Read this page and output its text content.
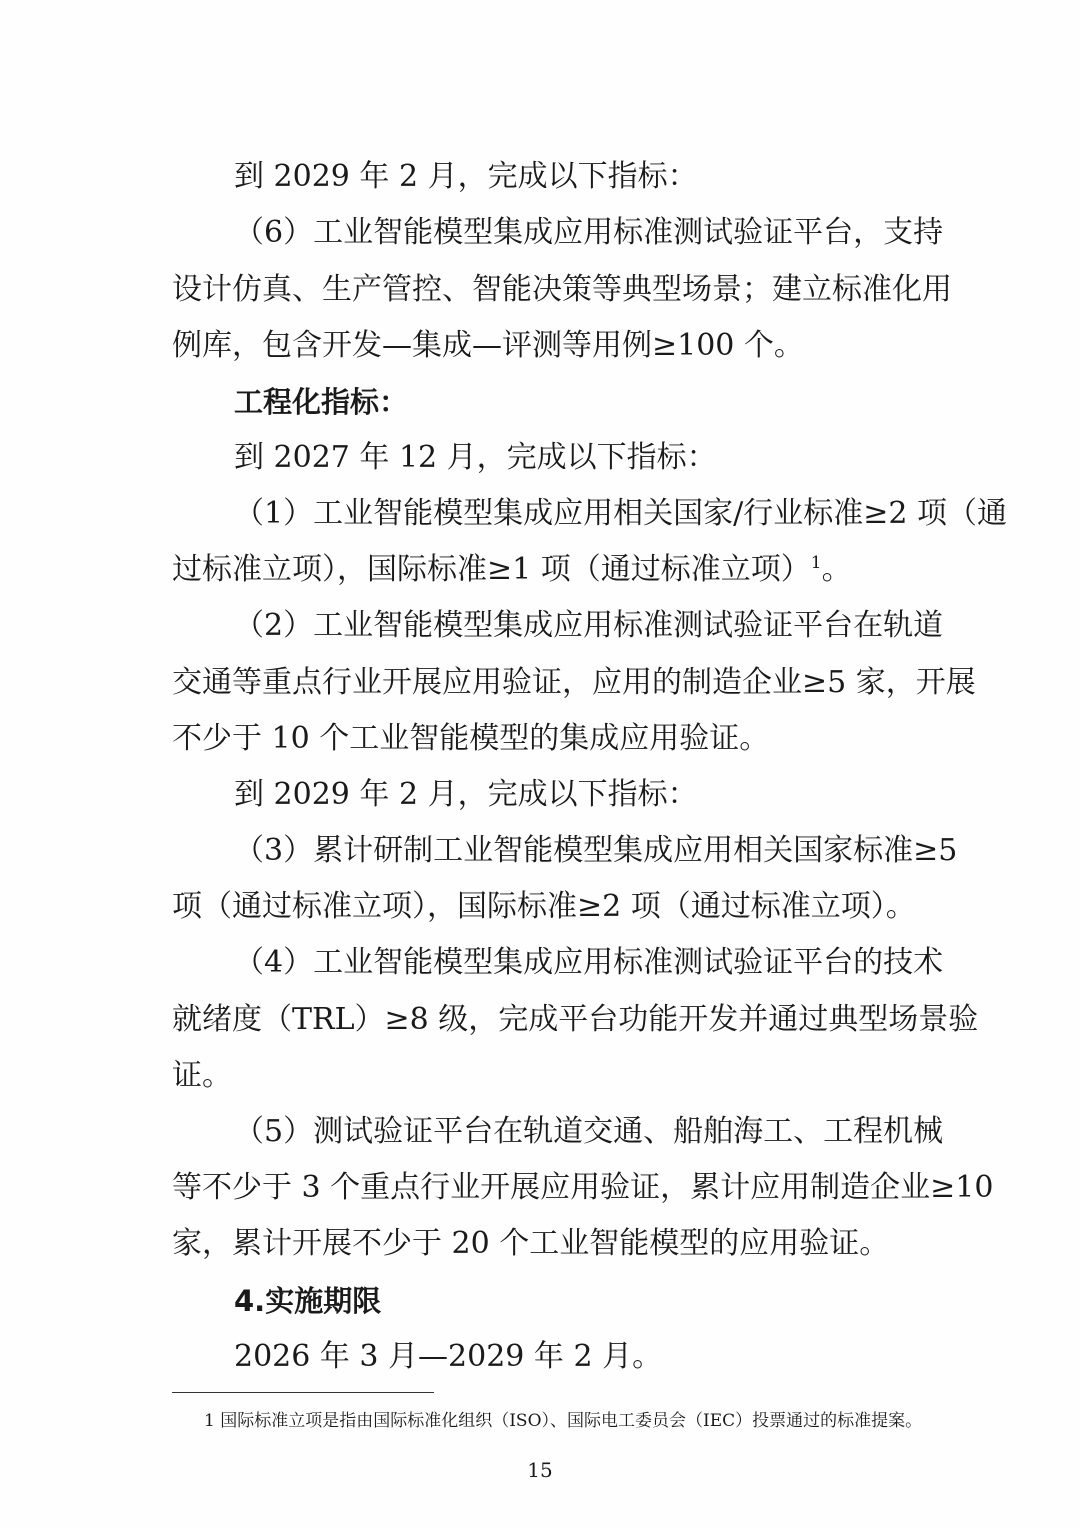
到 2029 年 2 月，完成以下指标：
（6）工业智能模型集成应用标准测试验证平台，支持
设计仿真、生产管控、智能决策等典型场景；建立标准化用
例库，包含开发—集成—评测等用例≥100 个。
工程化指标：
到 2027 年 12 月，完成以下指标：
（1）工业智能模型集成应用相关国家/行业标准≥2 项（通
过标准立项），国际标准≥1 项（通过标准立项）$^1$。
（2）工业智能模型集成应用标准测试验证平台在轨道
交通等重点行业开展应用验证，应用的制造企业≥5 家，开展
不少于 10 个工业智能模型的集成应用验证。
到 2029 年 2 月，完成以下指标：
（3）累计研制工业智能模型集成应用相关国家标准≥5
项（通过标准立项），国际标准≥2 项（通过标准立项）。
（4）工业智能模型集成应用标准测试验证平台的技术
就绪度（TRL）≥8 级，完成平台功能开发并通过典型场景验
证。
（5）测试验证平台在轨道交通、船舶海工、工程机械
等不少于 3 个重点行业开展应用验证，累计应用制造企业≥10
家，累计开展不少于 20 个工业智能模型的应用验证。
4.实施期限
2026 年 3 月—2029 年 2 月。
1 国际标准立项是指由国际标准化组织（ISO）、国际电工委员会（IEC）投票通过的标准提案。
15
